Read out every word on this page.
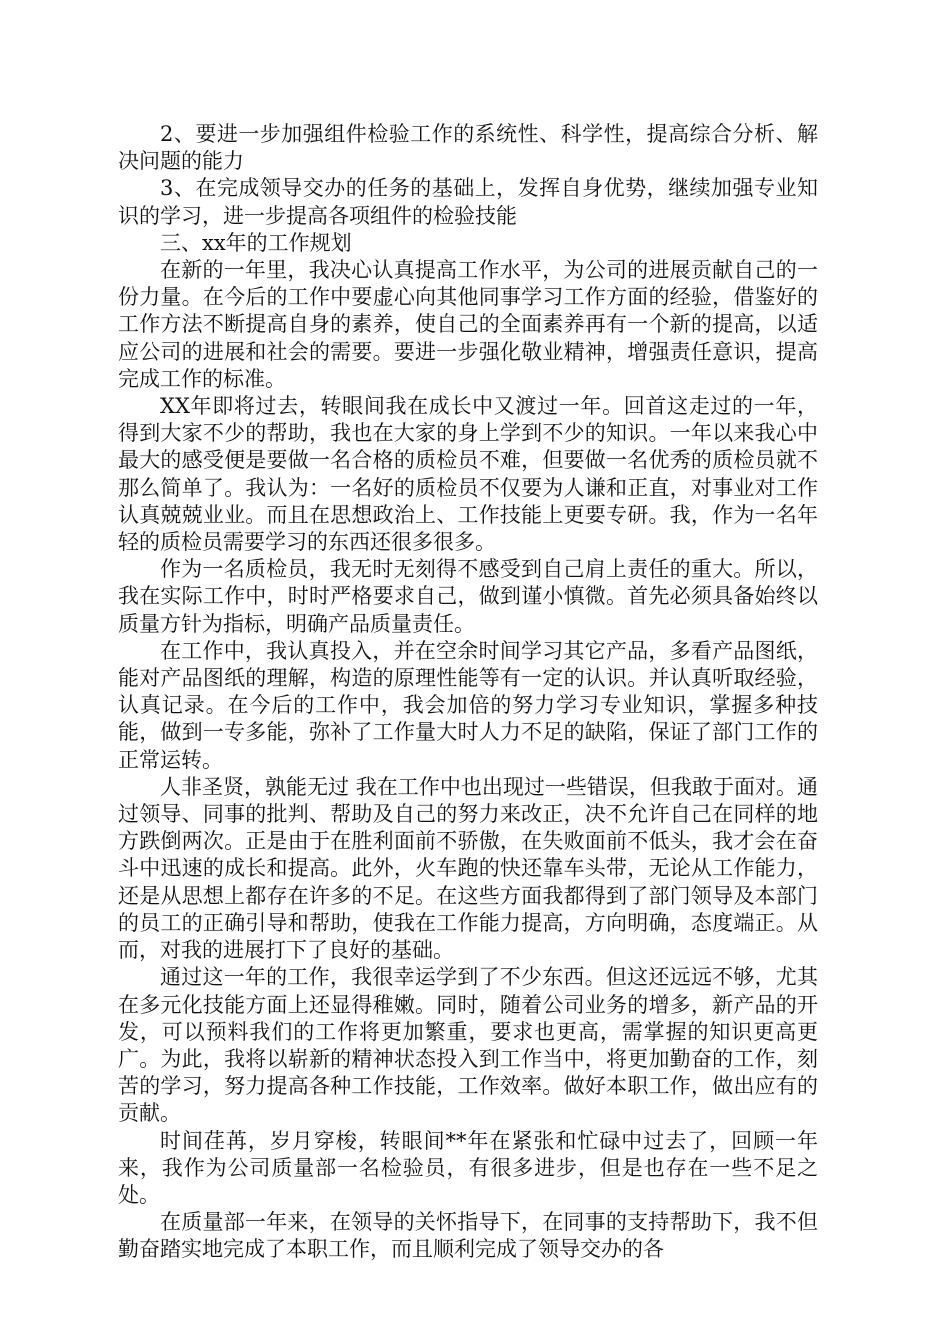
2、要进一步加强组件检验工作的系统性、科学性，提高综合分析、解决问题的能力

3、在完成领导交办的任务的基础上，发挥自身优势，继续加强专业知识的学习，进一步提高各项组件的检验技能

三、xx年的工作规划

在新的一年里，我决心认真提高工作水平，为公司的进展贡献自己的一份力量。在今后的工作中要虚心向其他同事学习工作方面的经验，借鉴好的工作方法不断提高自身的素养，使自己的全面素养再有一个新的提高，以适应公司的进展和社会的需要。要进一步强化敬业精神，增强责任意识，提高完成工作的标准。

XX年即将过去，转眼间我在成长中又渡过一年。回首这走过的一年，得到大家不少的帮助，我也在大家的身上学到不少的知识。一年以来我心中最大的感受便是要做一名合格的质检员不难，但要做一名优秀的质检员就不那么简单了。我认为：一名好的质检员不仅要为人谦和正直，对事业对工作认真兢兢业业。而且在思想政治上、工作技能上更要专研。我，作为一名年轻的质检员需要学习的东西还很多很多。

作为一名质检员，我无时无刻得不感受到自己肩上责任的重大。所以，我在实际工作中，时时严格要求自己，做到谨小慎微。首先必须具备始终以质量方针为指标，明确产品质量责任。

在工作中，我认真投入，并在空余时间学习其它产品，多看产品图纸，能对产品图纸的理解，构造的原理性能等有一定的认识。并认真听取经验，认真记录。在今后的工作中，我会加倍的努力学习专业知识，掌握多种技能，做到一专多能，弥补了工作量大时人力不足的缺陷，保证了部门工作的正常运转。

人非圣贤，孰能无过 我在工作中也出现过一些错误，但我敢于面对。通过领导、同事的批判、帮助及自己的努力来改正，决不允许自己在同样的地方跌倒两次。正是由于在胜利面前不骄傲，在失败面前不低头，我才会在奋斗中迅速的成长和提高。此外，火车跑的快还靠车头带，无论从工作能力，还是从思想上都存在许多的不足。在这些方面我都得到了部门领导及本部门的员工的正确引导和帮助，使我在工作能力提高，方向明确，态度端正。从而，对我的进展打下了良好的基础。

通过这一年的工作，我很幸运学到了不少东西。但这还远远不够，尤其在多元化技能方面上还显得稚嫩。同时，随着公司业务的增多，新产品的开发，可以预料我们的工作将更加繁重，要求也更高，需掌握的知识更高更广。为此，我将以崭新的精神状态投入到工作当中，将更加勤奋的工作，刻苦的学习，努力提高各种工作技能，工作效率。做好本职工作，做出应有的贡献。

时间荏苒，岁月穿梭，转眼间**年在紧张和忙碌中过去了，回顾一年来，我作为公司质量部一名检验员，有很多进步，但是也存在一些不足之处。

在质量部一年来，在领导的关怀指导下，在同事的支持帮助下，我不但勤奋踏实地完成了本职工作，而且顺利完成了领导交办的各
